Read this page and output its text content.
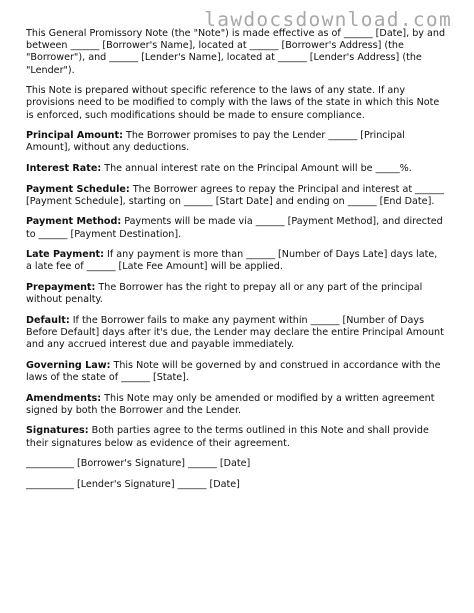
lawdocsdownload.com

This General Promissory Note (the "Note") is made effective as of ______ [Date], by and between ______ [Borrower's Name], located at ______ [Borrower's Address] (the "Borrower"), and ______ [Lender's Name], located at ______ [Lender's Address] (the "Lender").

This Note is prepared without specific reference to the laws of any state. If any provisions need to be modified to comply with the laws of the state in which this Note is enforced, such modifications should be made to ensure compliance.

Principal Amount: The Borrower promises to pay the Lender ______ [Principal Amount], without any deductions.

Interest Rate: The annual interest rate on the Principal Amount will be _____%.

Payment Schedule: The Borrower agrees to repay the Principal and interest at ______ [Payment Schedule], starting on ______ [Start Date] and ending on ______ [End Date].

Payment Method: Payments will be made via ______ [Payment Method], and directed to ______ [Payment Destination].

Late Payment: If any payment is more than ______ [Number of Days Late] days late, a late fee of ______ [Late Fee Amount] will be applied.

Prepayment: The Borrower has the right to prepay all or any part of the principal without penalty.

Default: If the Borrower fails to make any payment within ______ [Number of Days Before Default] days after it's due, the Lender may declare the entire Principal Amount and any accrued interest due and payable immediately.

Governing Law: This Note will be governed by and construed in accordance with the laws of the state of ______ [State].

Amendments: This Note may only be amended or modified by a written agreement signed by both the Borrower and the Lender.

Signatures: Both parties agree to the terms outlined in this Note and shall provide their signatures below as evidence of their agreement.

__________ [Borrower's Signature] ______ [Date]

__________ [Lender's Signature] ______ [Date]
